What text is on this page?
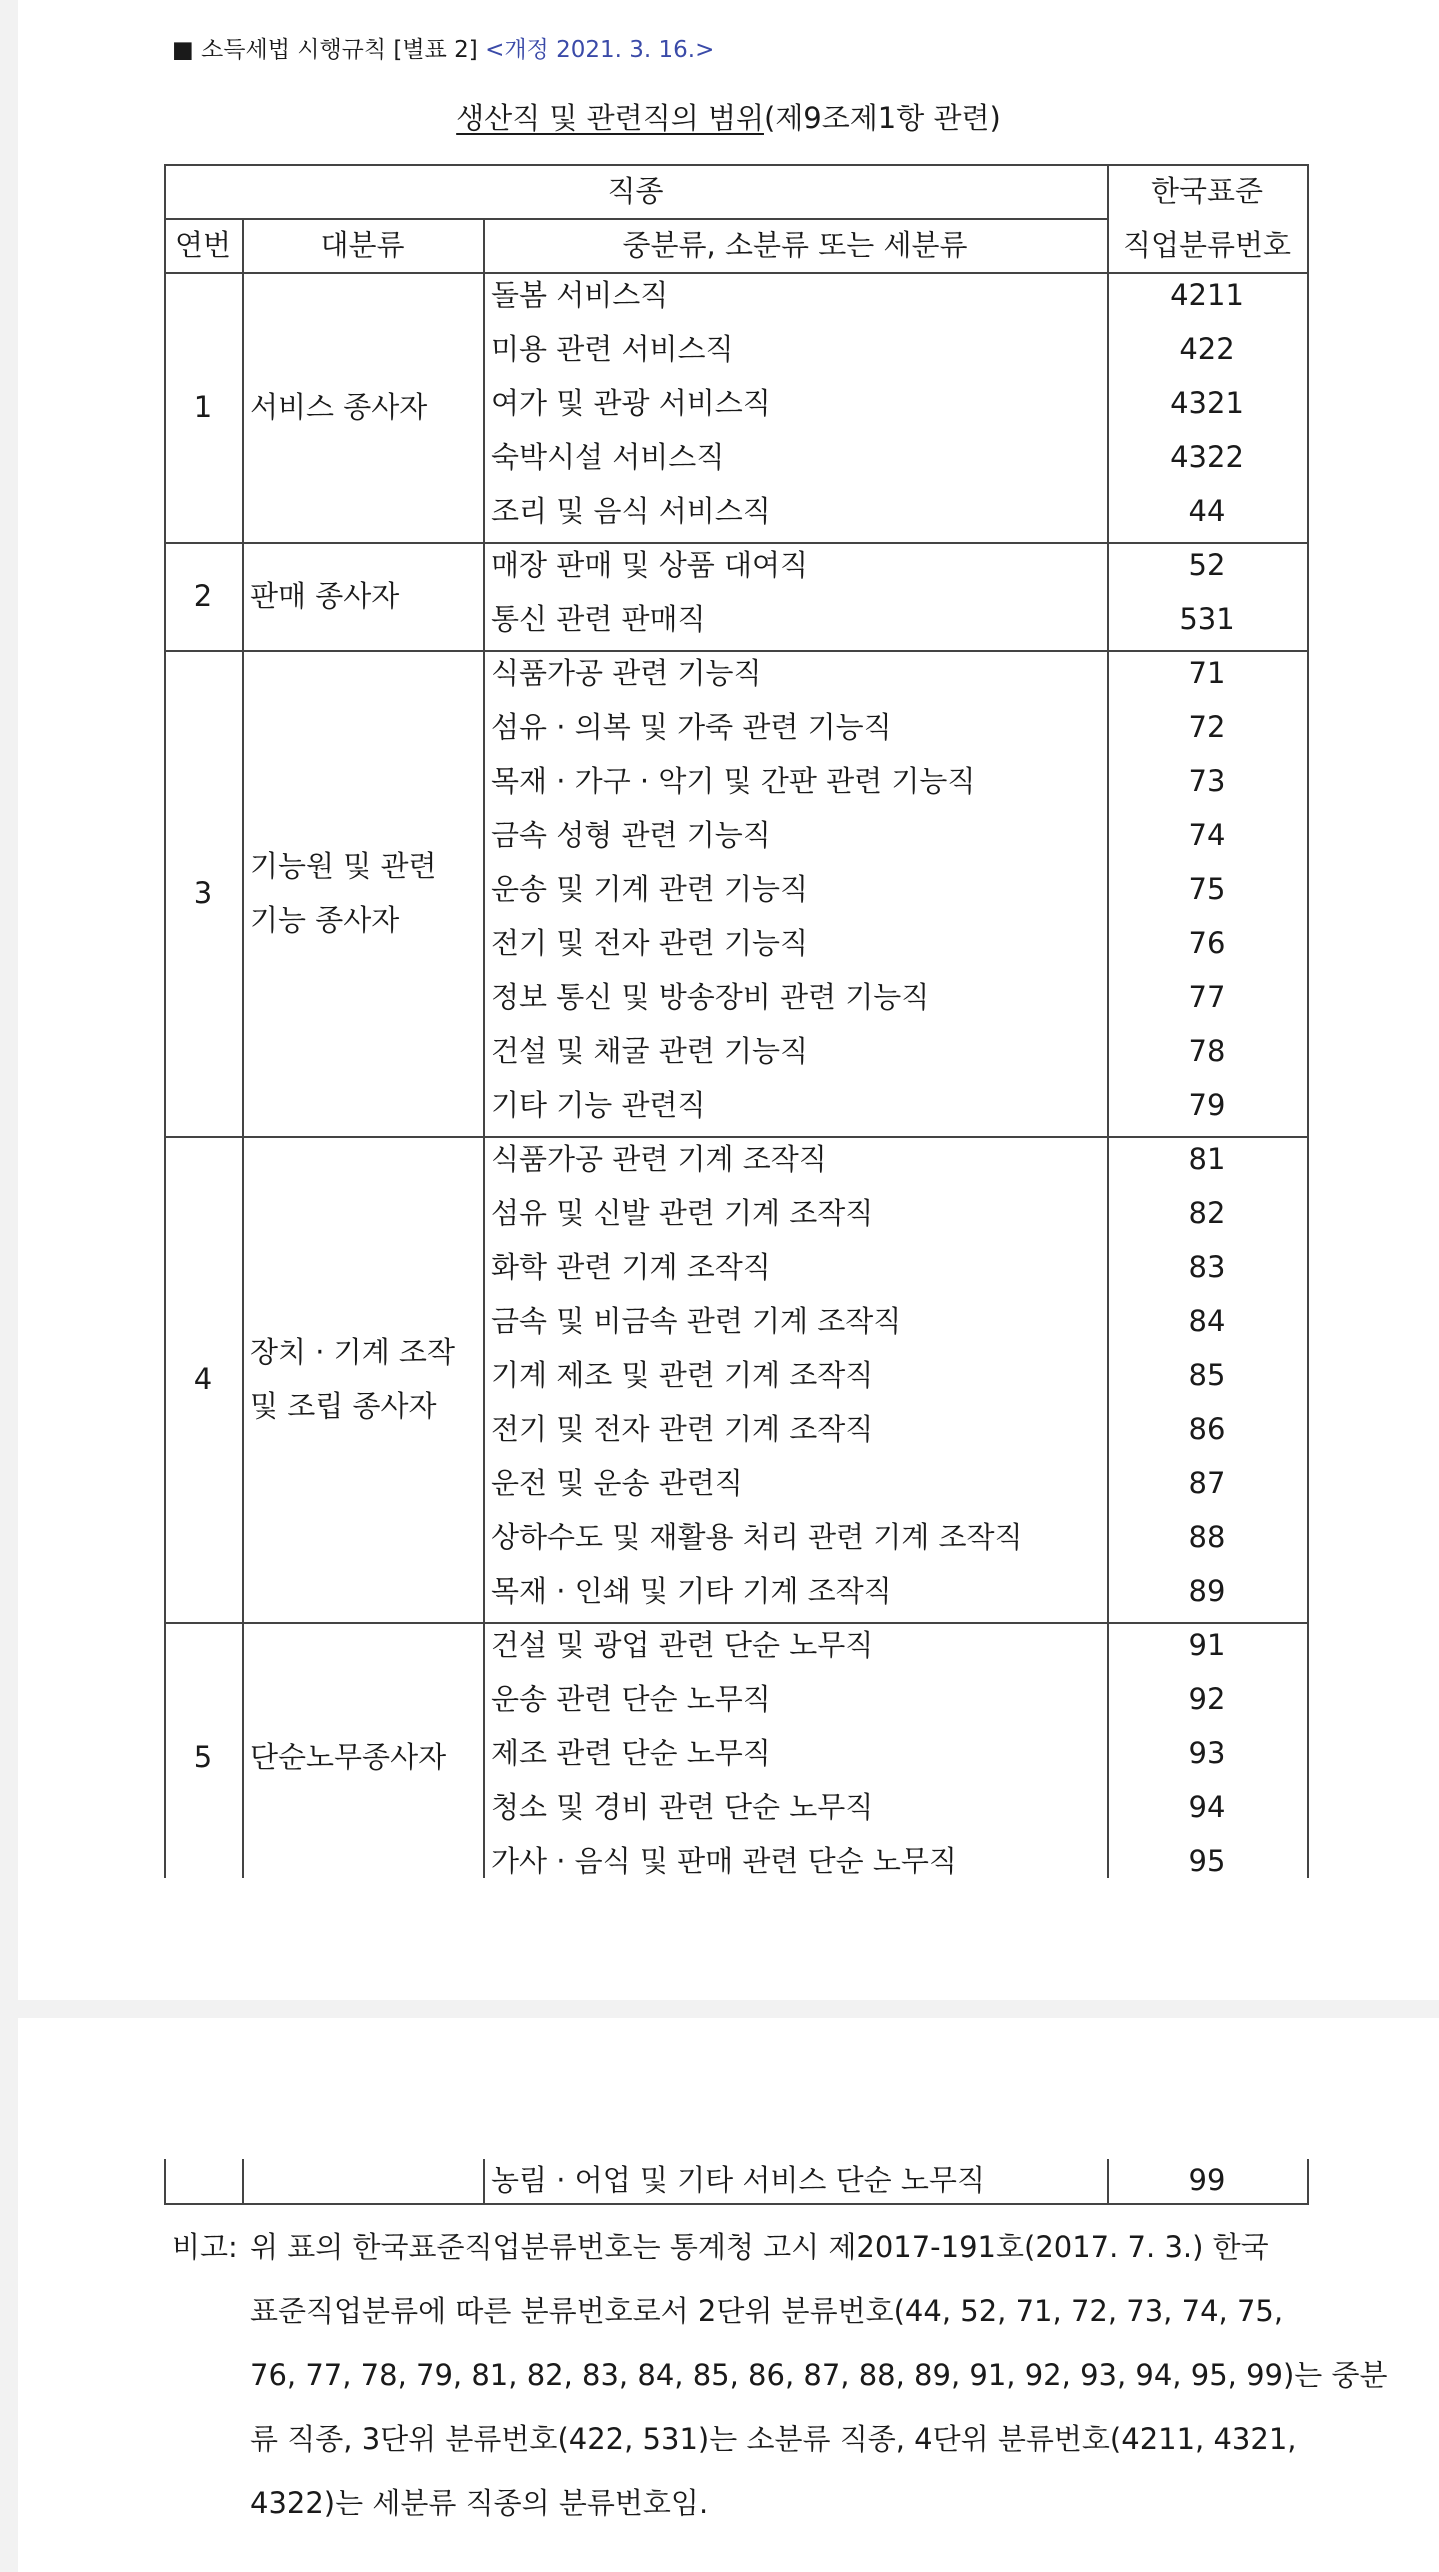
■ 소득세법 시행규칙 [별표 2] <개정 2021. 3. 16.>
생산직 및 관련직의 범위(제9조제1항 관련)
직종	한국표준
직업분류번호
연번	대분류	중분류, 소분류 또는 세분류
1	서비스 종사자
돌봄 서비스직	4211
미용 관련 서비스직	422
여가 및 관광 서비스직	4321
숙박시설 서비스직	4322
조리 및 음식 서비스직	44
2	판매 종사자
매장 판매 및 상품 대여직	52
통신 관련 판매직	531
3
기능원 및 관련
기능 종사자
식품가공 관련 기능직	71
섬유 · 의복 및 가죽 관련 기능직	72
목재 · 가구 · 악기 및 간판 관련 기능직	73
금속 성형 관련 기능직	74
운송 및 기계 관련 기능직	75
전기 및 전자 관련 기능직	76
정보 통신 및 방송장비 관련 기능직	77
건설 및 채굴 관련 기능직	78
기타 기능 관련직	79
4
장치 · 기계 조작
및 조립 종사자
식품가공 관련 기계 조작직	81
섬유 및 신발 관련 기계 조작직	82
화학 관련 기계 조작직	83
금속 및 비금속 관련 기계 조작직	84
기계 제조 및 관련 기계 조작직	85
전기 및 전자 관련 기계 조작직	86
운전 및 운송 관련직	87
상하수도 및 재활용 처리 관련 기계 조작직	88
목재 · 인쇄 및 기타 기계 조작직	89
5	단순노무종사자
건설 및 광업 관련 단순 노무직	91
운송 관련 단순 노무직	92
제조 관련 단순 노무직	93
청소 및 경비 관련 단순 노무직	94
가사 · 음식 및 판매 관련 단순 노무직	95
농림 · 어업 및 기타 서비스 단순 노무직	99
비고: 위 표의 한국표준직업분류번호는 통계청 고시 제2017-191호(2017. 7. 3.) 한국
표준직업분류에 따른 분류번호로서 2단위 분류번호(44, 52, 71, 72, 73, 74, 75,
76, 77, 78, 79, 81, 82, 83, 84, 85, 86, 87, 88, 89, 91, 92, 93, 94, 95, 99)는 중분
류 직종, 3단위 분류번호(422, 531)는 소분류 직종, 4단위 분류번호(4211, 4321,
4322)는 세분류 직종의 분류번호임.
